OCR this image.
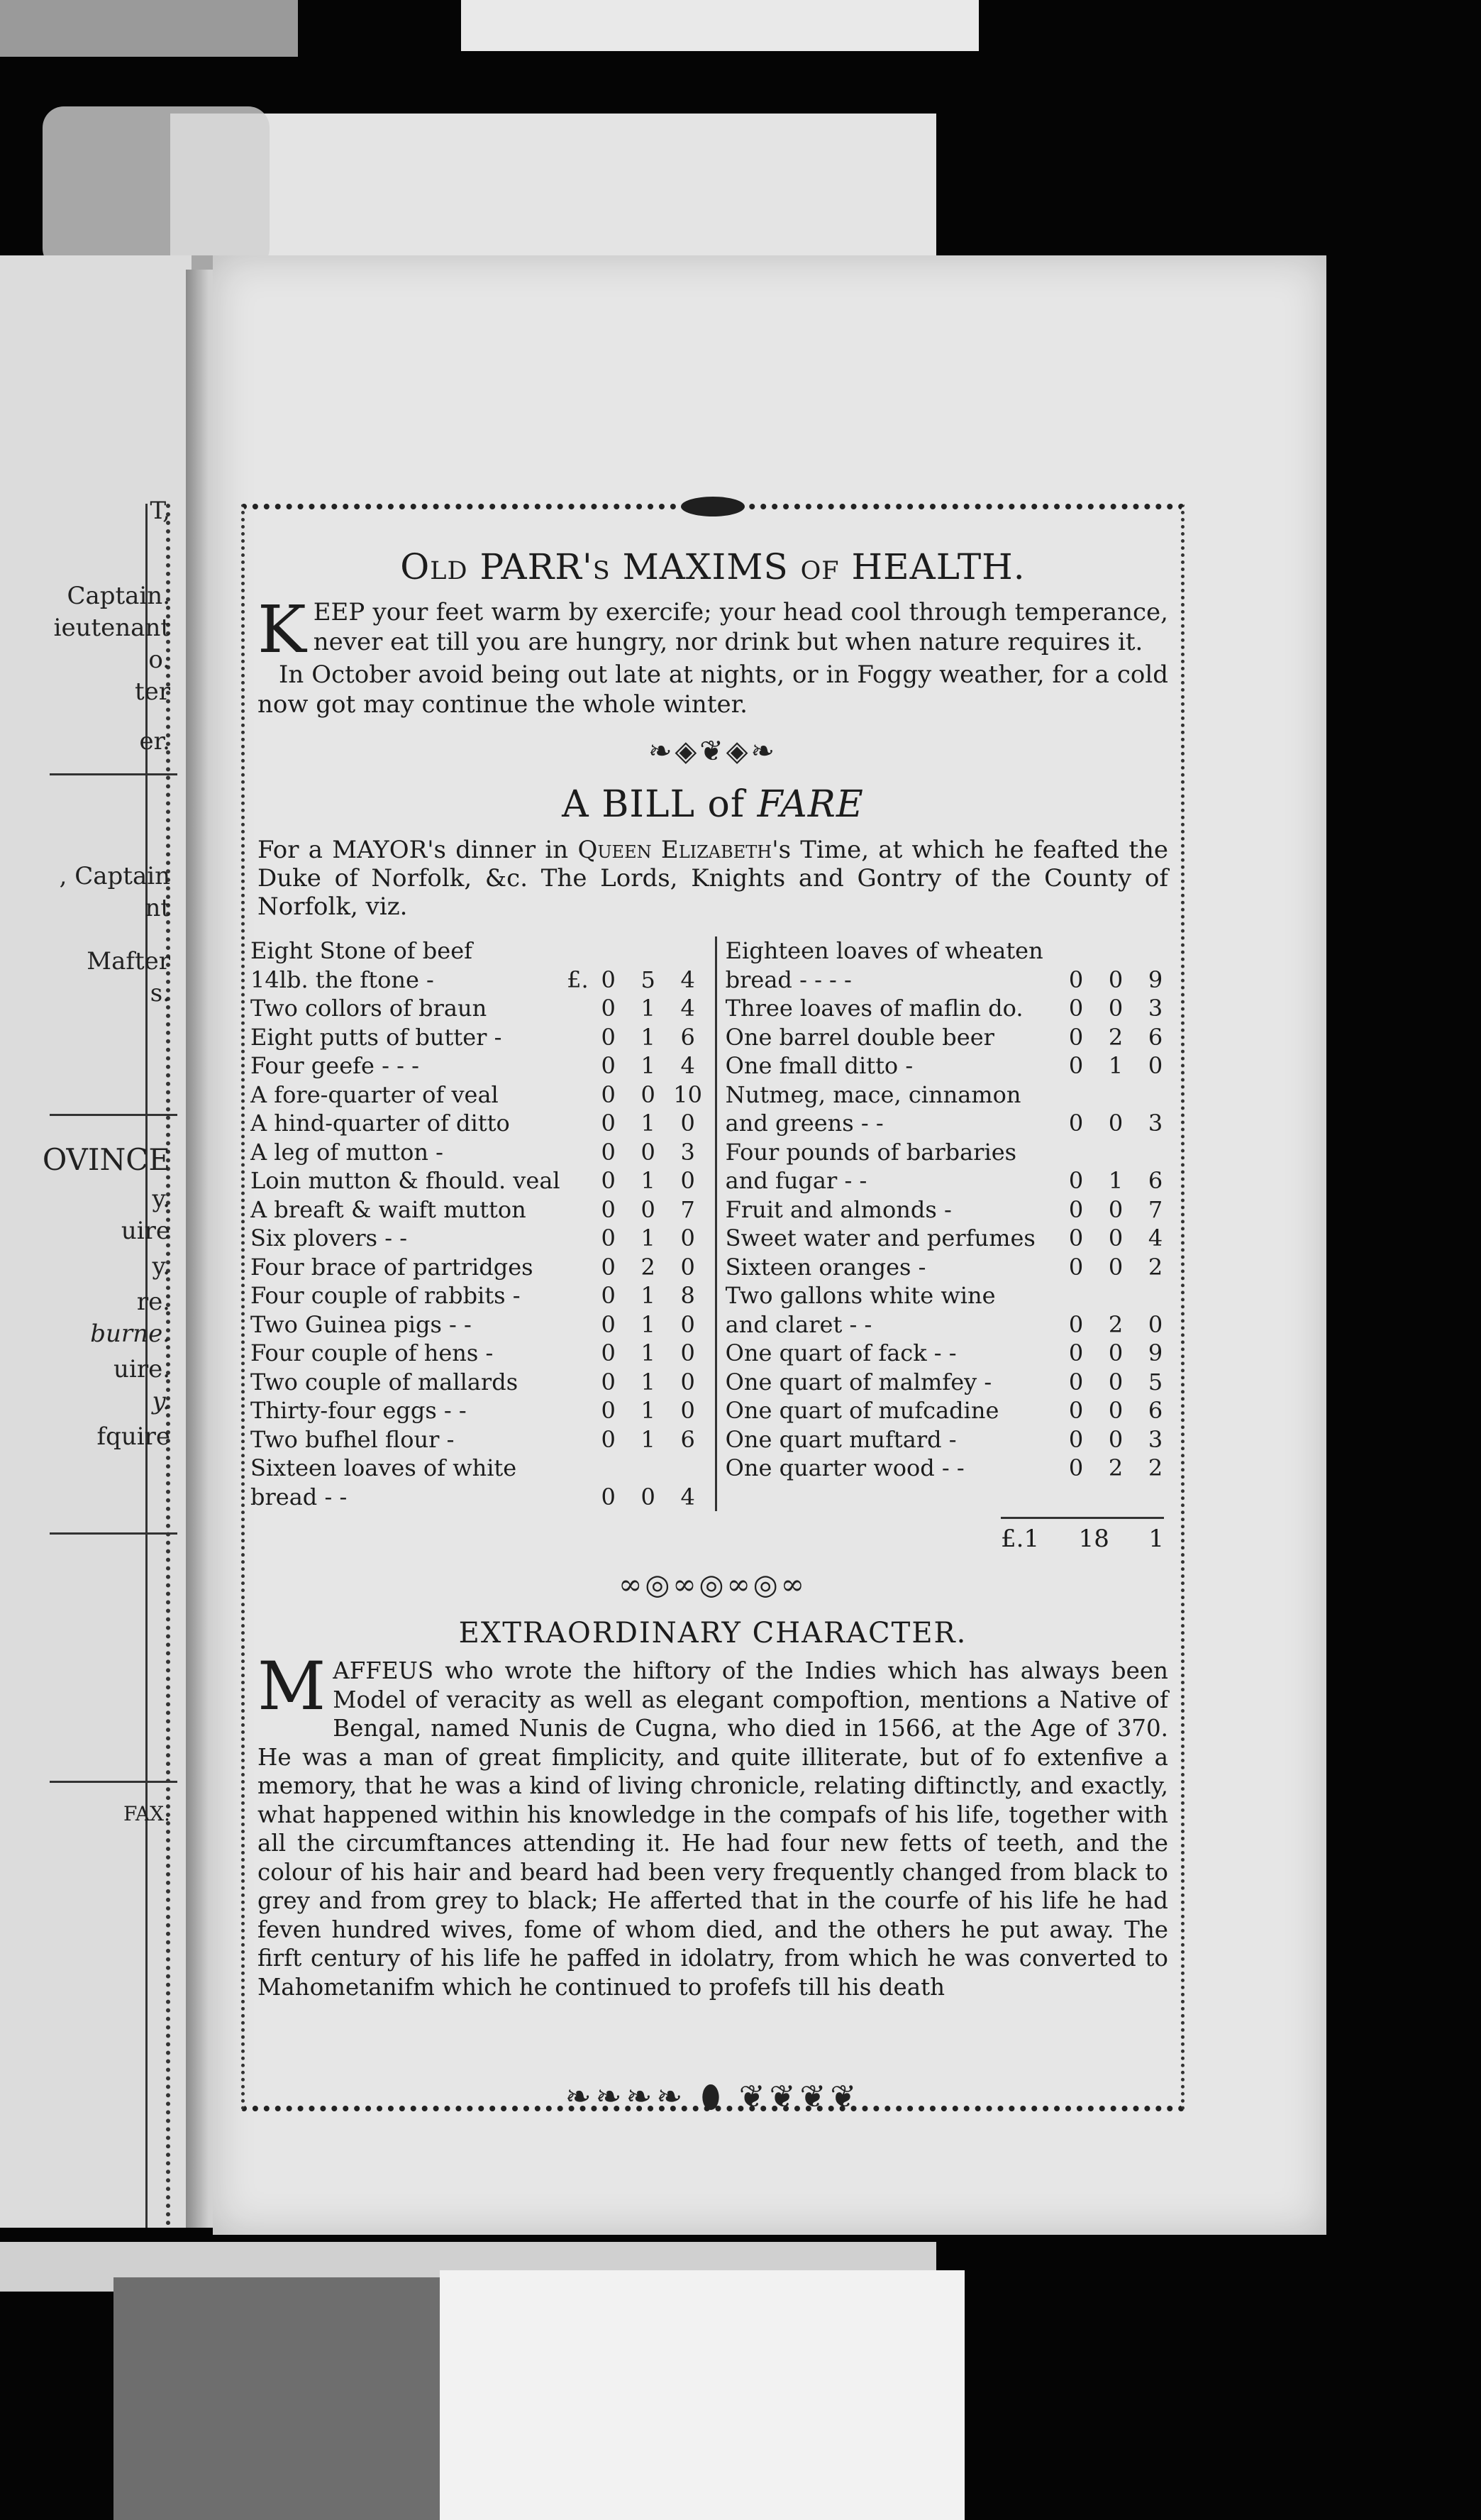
T,
Captain.
ieutenant
o.
ter
er.
, Captain
nt
Mafter
s.
OVINCE
y.
uire
y.
re.
burne.
uire.
y.
fquire
FAX.
Old PARR's MAXIMS of HEALTH.
KEEP your feet warm by exercife; your head cool through temperance, never eat till you are hungry, nor drink but when nature requires it.
In October avoid being out late at nights, or in Foggy weather, for a cold now got may continue the whole winter.
❧◈❦◈❧
A BILL of FARE
For a MAYOR's dinner in Queen Elizabeth's Time, at which he feafted the Duke of Norfolk, &c. The Lords, Knights and Gontry of the County of Norfolk, viz.
Eight Stone of beef
14lb. the ftone -	£. 0	5	4
Two collors of braun	0	1	4
Eight putts of butter -	0	1	6
Four geefe - - -	0	1	4
A fore-quarter of veal	0	0 10
A hind-quarter of ditto	0	1	0
A leg of mutton -	0	0	3
Loin mutton & fhould. veal	0	1	0
A breaft & waift mutton	0	0	7
Six plovers - -	0	1	0
Four brace of partridges	0	2	0
Four couple of rabbits -	0	1	8
Two Guinea pigs - -	0	1	0
Four couple of hens -	0	1	0
Two couple of mallards	0	1	0
Thirty-four eggs - -	0	1	0
Two bufhel flour -	0	1	6
Sixteen loaves of white
bread - -	0	0	4
Eighteen loaves of wheaten
bread - - - -	0	0	9
Three loaves of maflin do.	0	0	3
One barrel double beer	0	2	6
One fmall ditto -	0	1	0
Nutmeg, mace, cinnamon
and greens - -	0	0	3
Four pounds of barbaries
and fugar - -	0	1	6
Fruit and almonds -	0	0	7
Sweet water and perfumes	0	0	4
Sixteen oranges -	0	0	2
Two gallons white wine
and claret - -	0	2	0
One quart of fack - -	0	0	9
One quart of malmfey -	0	0	5
One quart of mufcadine	0	0	6
One quart muftard -	0	0	3
One quarter wood - -	0	2	2
£.1 18 1
∞◎∞◎∞◎∞
EXTRAORDINARY CHARACTER.
MAFFEUS who wrote the hiftory of the Indies which has always been Model of veracity as well as elegant compoftion, mentions a Native of Bengal, named Nunis de Cugna, who died in 1566, at the Age of 370. He was a man of great fimplicity, and quite illiterate, but of fo extenfive a memory, that he was a kind of living chronicle, relating diftinctly, and exactly, what happened within his knowledge in the compafs of his life, together with all the circumftances attending it. He had four new fetts of teeth, and the colour of his hair and beard had been very frequently changed from black to grey and from grey to black; He afferted that in the courfe of his life he had feven hundred wives, fome of whom died, and the others he put away. The firft century of his life he paffed in idolatry, from which he was converted to Mahometanifm which he continued to profefs till his death
❧❧❧❧ ⬮ ❦❦❦❦
